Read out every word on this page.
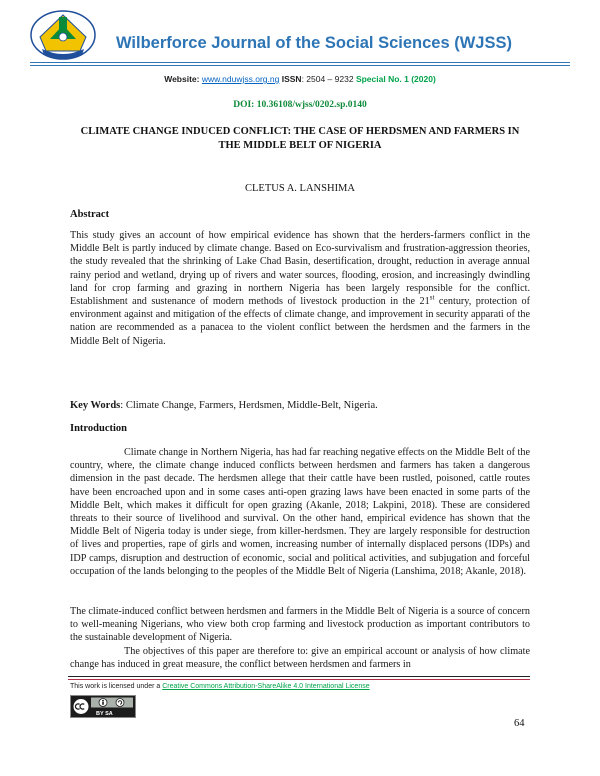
Wilberforce Journal of the Social Sciences (WJSS)
Website: www.nduwjss.org.ng ISSN: 2504 – 9232 Special No. 1 (2020)
DOI: 10.36108/wjss/0202.sp.0140
CLIMATE CHANGE INDUCED CONFLICT: THE CASE OF HERDSMEN AND FARMERS IN THE MIDDLE BELT OF NIGERIA
CLETUS A. LANSHIMA
Abstract
This study gives an account of how empirical evidence has shown that the herders-farmers conflict in the Middle Belt is partly induced by climate change. Based on Eco-survivalism and frustration-aggression theories, the study revealed that the shrinking of Lake Chad Basin, desertification, drought, reduction in average annual rainy period and wetland, drying up of rivers and water sources, flooding, erosion, and increasingly dwindling land for crop farming and grazing in northern Nigeria has been largely responsible for the conflict. Establishment and sustenance of modern methods of livestock production in the 21st century, protection of environment against and mitigation of the effects of climate change, and improvement in security apparati of the nation are recommended as a panacea to the violent conflict between the herdsmen and the farmers in the Middle Belt of Nigeria.
Key Words: Climate Change, Farmers, Herdsmen, Middle-Belt, Nigeria.
Introduction
Climate change in Northern Nigeria, has had far reaching negative effects on the Middle Belt of the country, where, the climate change induced conflicts between herdsmen and farmers has taken a dangerous dimension in the past decade. The herdsmen allege that their cattle have been rustled, poisoned, cattle routes have been encroached upon and in some cases anti-open grazing laws have been enacted in some parts of the Middle Belt, which makes it difficult for open grazing (Akanle, 2018; Lakpini, 2018). These are considered threats to their source of livelihood and survival. On the other hand, empirical evidence has shown that the Middle Belt of Nigeria today is under siege, from killer-herdsmen. They are largely responsible for destruction of lives and properties, rape of girls and women, increasing number of internally displaced persons (IDPs) and IDP camps, disruption and destruction of economic, social and political activities, and subjugation and forceful occupation of the lands belonging to the peoples of the Middle Belt of Nigeria (Lanshima, 2018; Akanle, 2018).
The climate-induced conflict between herdsmen and farmers in the Middle Belt of Nigeria is a source of concern to well-meaning Nigerians, who view both crop farming and livestock production as important contributors to the sustainable development of Nigeria.
The objectives of this paper are therefore to: give an empirical account or analysis of how climate change has induced in great measure, the conflict between herdsmen and farmers in
This work is licensed under a Creative Commons Attribution-ShareAlike 4.0 International License
BY SA
64
